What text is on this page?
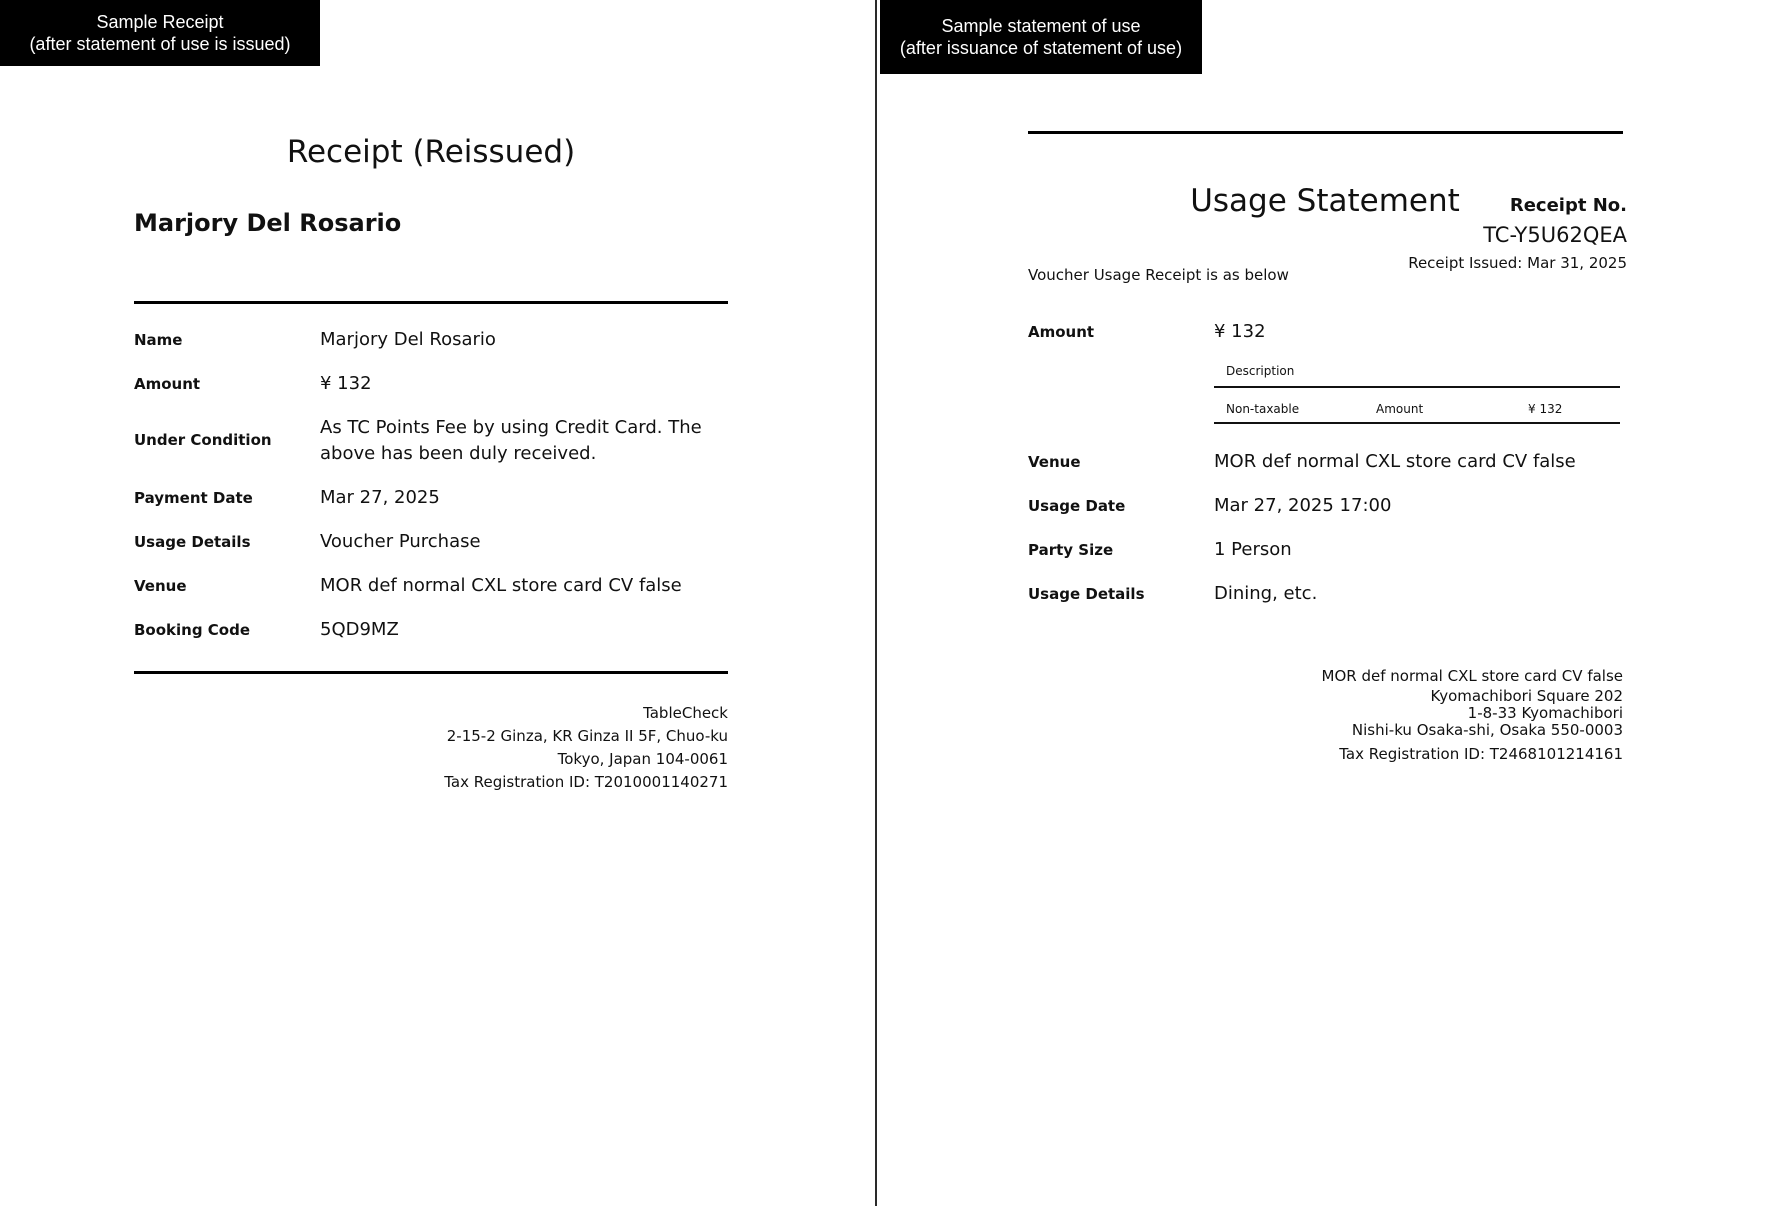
Sample Receipt
(after statement of use is issued)
Receipt (Reissued)
Marjory Del Rosario
Receipt No.
TC-Y5U62QEA
Receipt Issued: Mar 31, 2025
Name	Marjory Del Rosario
Amount	¥ 132
Under Condition
As TC Points Fee by using Credit Card. The above has been duly received.
Payment Date	Mar 27, 2025
Usage Details	Voucher Purchase
Venue	MOR def normal CXL store card CV false
Booking Code	5QD9MZ
TableCheck
2-15-2 Ginza, KR Ginza II 5F, Chuo-ku
Tokyo, Japan 104-0061
Tax Registration ID: T2010001140271
Sample statement of use
(after issuance of statement of use)
Usage Statement
Voucher Usage Receipt is as below
Amount	¥ 132
Description
Non-taxable	Amount	¥ 132
Venue	MOR def normal CXL store card CV false
Usage Date	Mar 27, 2025 17:00
Party Size	1 Person
Usage Details	Dining, etc.
MOR def normal CXL store card CV false
Kyomachibori Square 202
1-8-33 Kyomachibori
Nishi-ku Osaka-shi, Osaka 550-0003
Tax Registration ID: T2468101214161
